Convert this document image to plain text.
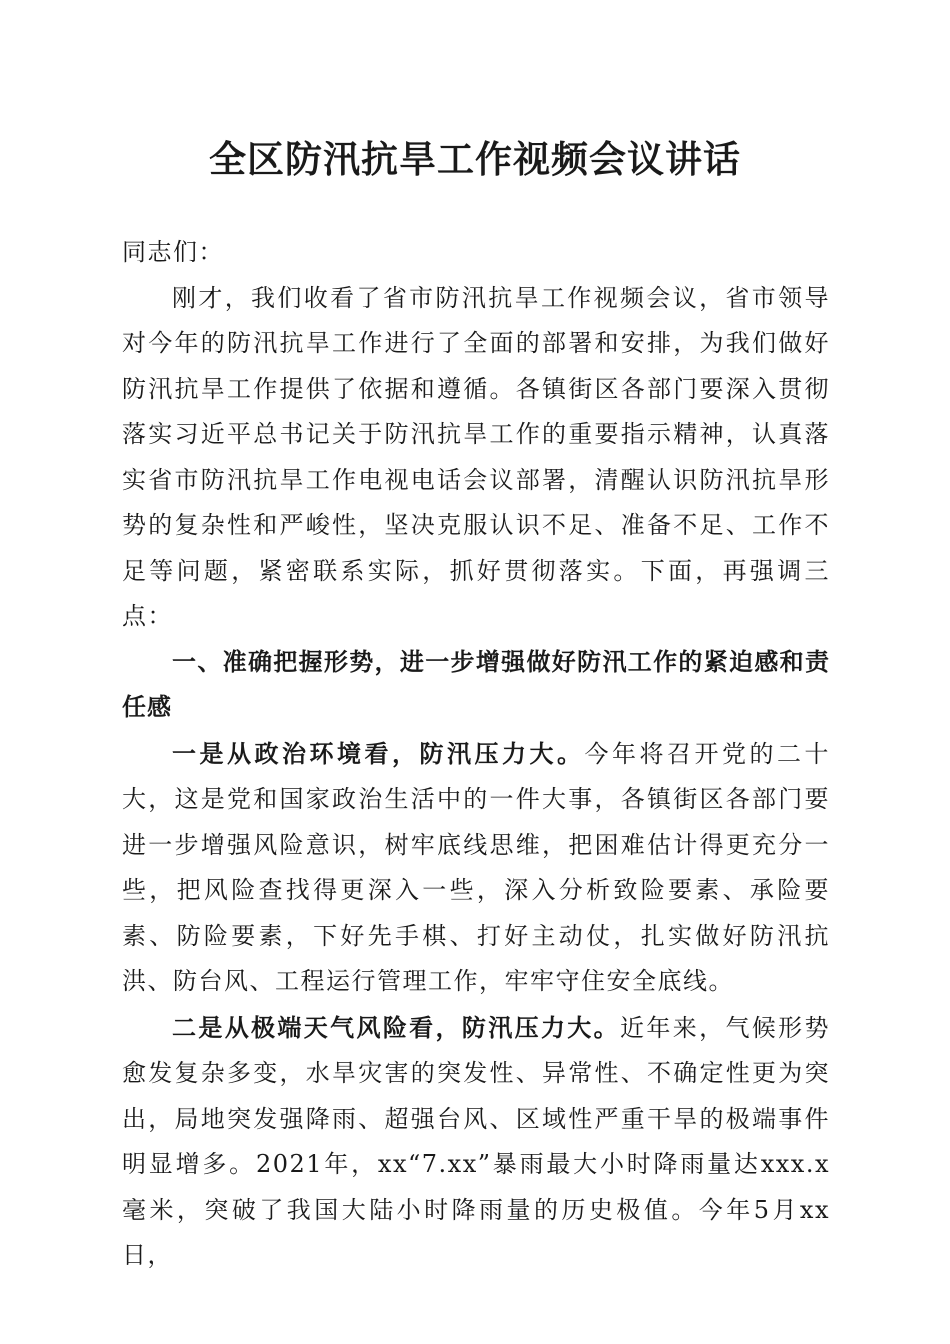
全区防汛抗旱工作视频会议讲话

同志们：

刚才，我们收看了省市防汛抗旱工作视频会议，省市领导对今年的防汛抗旱工作进行了全面的部署和安排，为我们做好防汛抗旱工作提供了依据和遵循。各镇街区各部门要深入贯彻落实习近平总书记关于防汛抗旱工作的重要指示精神，认真落实省市防汛抗旱工作电视电话会议部署，清醒认识防汛抗旱形势的复杂性和严峻性，坚决克服认识不足、准备不足、工作不足等问题，紧密联系实际，抓好贯彻落实。下面，再强调三点：

一、准确把握形势，进一步增强做好防汛工作的紧迫感和责任感

一是从政治环境看，防汛压力大。今年将召开党的二十大，这是党和国家政治生活中的一件大事，各镇街区各部门要进一步增强风险意识，树牢底线思维，把困难估计得更充分一些，把风险查找得更深入一些，深入分析致险要素、承险要素、防险要素，下好先手棋、打好主动仗，扎实做好防汛抗洪、防台风、工程运行管理工作，牢牢守住安全底线。

二是从极端天气风险看，防汛压力大。近年来，气候形势愈发复杂多变，水旱灾害的突发性、异常性、不确定性更为突出，局地突发强降雨、超强台风、区域性严重干旱的极端事件明显增多。2021年，xx“7.xx”暴雨最大小时降雨量达xxx.x毫米，突破了我国大陆小时降雨量的历史极值。今年5月xx日，
